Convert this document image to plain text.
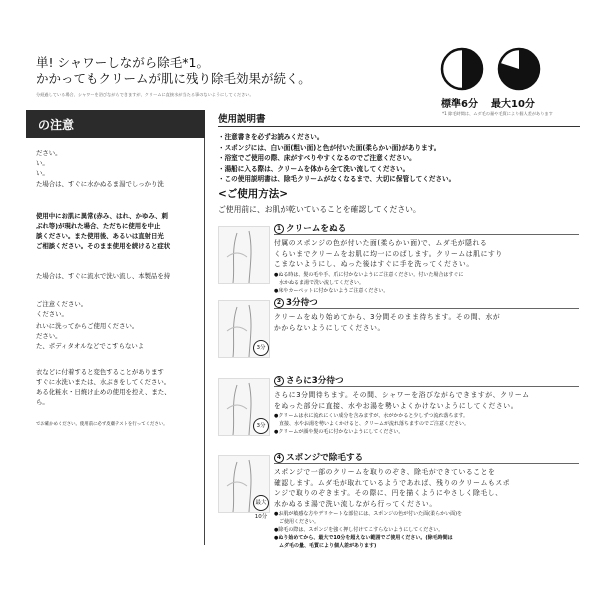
単! シャワーしながら除毛*1。
かかってもクリームが肌に残り除毛効果が続く。
分経過している場合、シャワーを浴びながらできますが、クリームに直接水が当たる事のないようにしてください。
標準6分 最大10分
*1 除毛時間は、ムダ毛の量や毛質により個人差があります
の注意
ださい。
い。
い。
た場合は、すぐに水かぬるま湯でしっかり洗
使用中にお肌に異常(赤み、はれ、かゆみ、刺
ぶれ等)が現れた場合、ただちに使用を中止
談ください。また使用後、あるいは直射日光
ご相談ください。そのまま使用を続けると症状
た場合は、すぐに流水で洗い流し、本製品を持
ご注意ください。
ください。
れいに洗ってからご使用ください。
ださい。
た、ボディタオルなどでこすらないよ
衣などに付着すると変色することがあります
すぐに水洗いまたは、水ぶきをしてください。
ある化粧水・日焼け止めの使用を控え、また、
ら。
でお確かめください。使用前に必ず皮膚テストを行ってください。
使用説明書
・注意書きを必ずお読みください。
・スポンジには、白い面(粗い面)と色が付いた面(柔らかい面)があります。
・浴室でご使用の際、床がすべりやすくなるのでご注意ください。
・湯船に入る際は、クリームを体から全て洗い流してください。
・この使用説明書は、除毛クリームがなくなるまで、大切に保管してください。
<ご使用方法>
ご使用前に、お肌が乾いていることを確認してください。
1 クリームをぬる
付属のスポンジの色が付いた面(柔らかい面)で、ムダ毛が隠れる
くらいまでクリームをお肌に均一にのばします。クリームは肌にすり
こまないようにし、ぬった後はすぐに手を洗ってください。
●ぬる時は、髪の毛や手、爪に付かないようにご注意ください。付いた場合はすぐに
　水かぬるま湯で洗い流してください。
●床やカーペットに付かないようご注意ください。
3分
2 3分待つ
クリームをぬり始めてから、3分間そのまま待ちます。その間、水が
かからないようにしてください。
3分
3 さらに3分待つ
さらに3分間待ちます。その間、シャワーを浴びながらできますが、クリーム
をぬった部分に直接、水やお湯を勢いよくかけないようにしてください。
●クリームは水に流れにくい成分を含みますが、水がかかると少しずつ流れ落ちます。
　直接、水やお湯を勢いよくかけると、クリームが流れ落ちますのでご注意ください。
●クリームが顔や髪の毛に付かないようにしてください。
最大10分
4 スポンジで除毛する
スポンジで一部のクリームを取りのぞき、除毛ができていることを
確認します。ムダ毛が取れているようであれば、残りのクリームもスポ
ンジで取りのぞきます。その際に、円を描くようにやさしく除毛し、
水かぬるま湯で洗い流しながら行ってください。
●お肌が敏感な方やデリケートな部位には、スポンジの色が付いた面(柔らかい面)を
　ご使用ください。
●除毛の際は、スポンジを強く押し付けてこすらないようにしてください。
●ぬり始めてから、最大で10分を超えない範囲でご使用ください。(除毛時間は
　ムダ毛の量、毛質により個人差があります)
